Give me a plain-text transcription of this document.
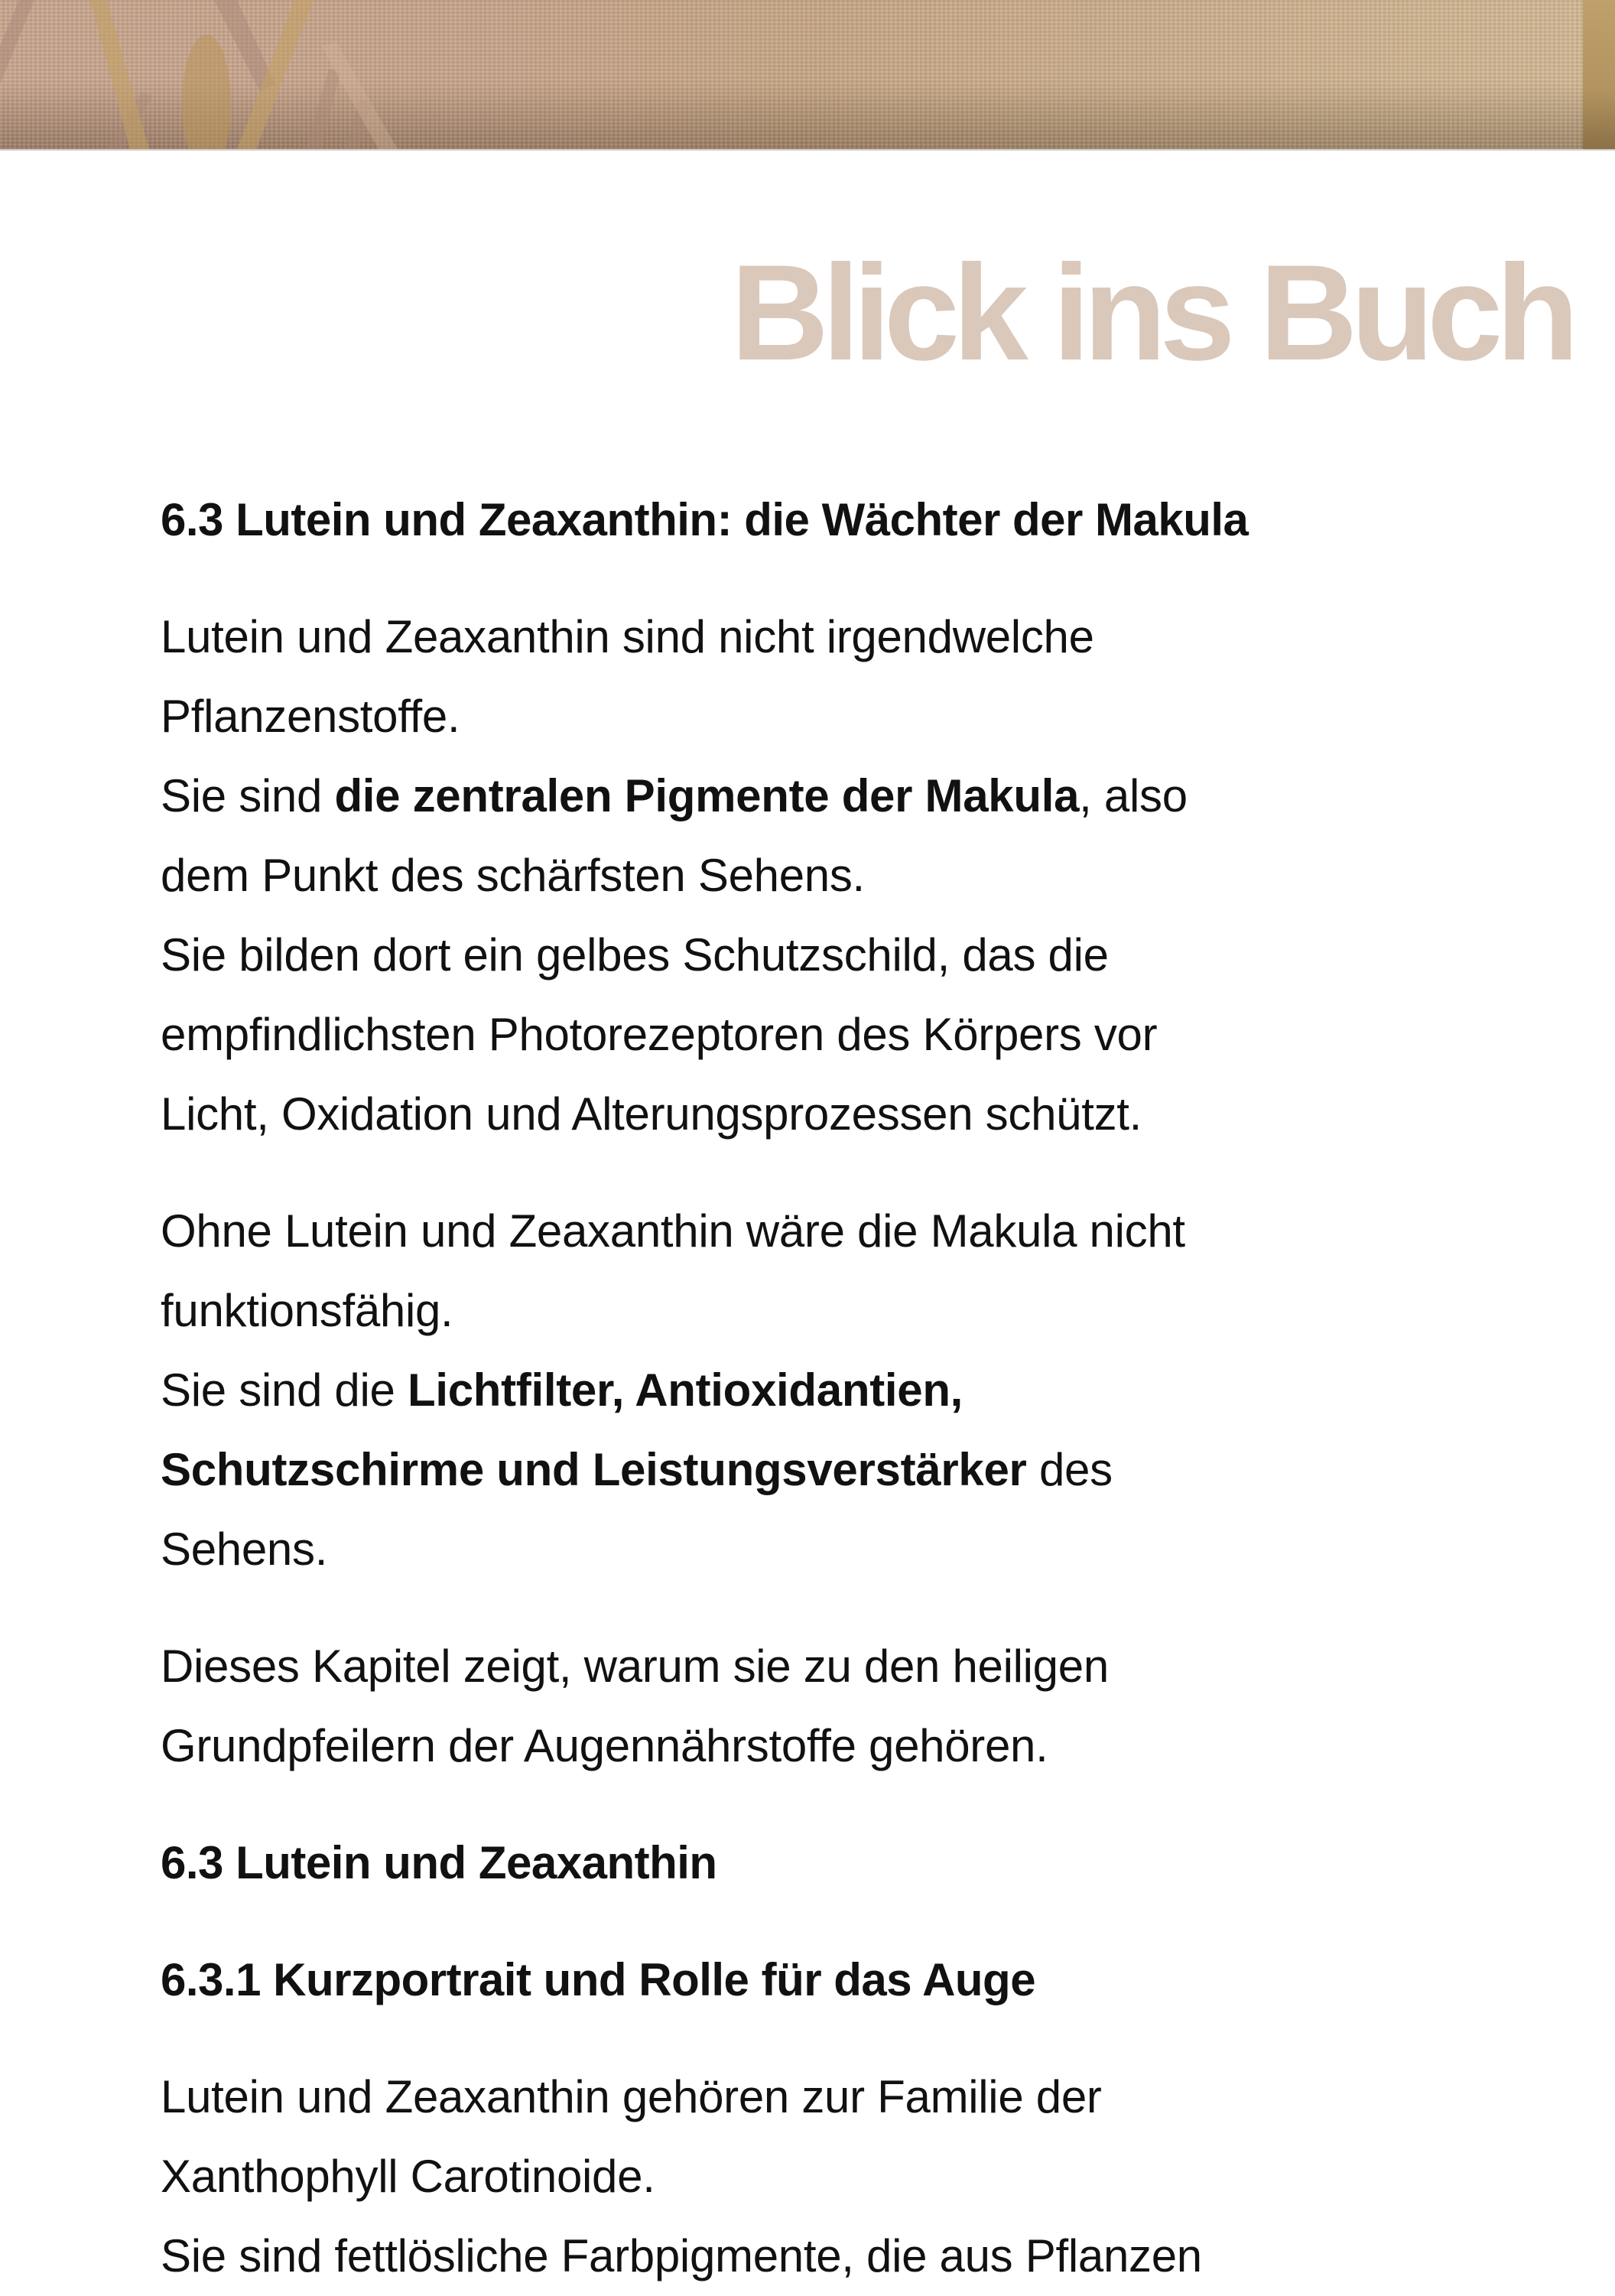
Blick ins Buch
6.3 Lutein und Zeaxanthin: die Wächter der Makula

Lutein und Zeaxanthin sind nicht irgendwelche
Pflanzenstoffe.
Sie sind die zentralen Pigmente der Makula, also
dem Punkt des schärfsten Sehens.
Sie bilden dort ein gelbes Schutzschild, das die
empfindlichsten Photorezeptoren des Körpers vor
Licht, Oxidation und Alterungsprozessen schützt.

Ohne Lutein und Zeaxanthin wäre die Makula nicht
funktionsfähig.
Sie sind die Lichtfilter, Antioxidantien,
Schutzschirme und Leistungsverstärker des
Sehens.

Dieses Kapitel zeigt, warum sie zu den heiligen
Grundpfeilern der Augennährstoffe gehören.

6.3 Lutein und Zeaxanthin
6.3.1 Kurzportrait und Rolle für das Auge

Lutein und Zeaxanthin gehören zur Familie der
Xanthophyll Carotinoide.
Sie sind fettlösliche Farbpigmente, die aus Pflanzen
